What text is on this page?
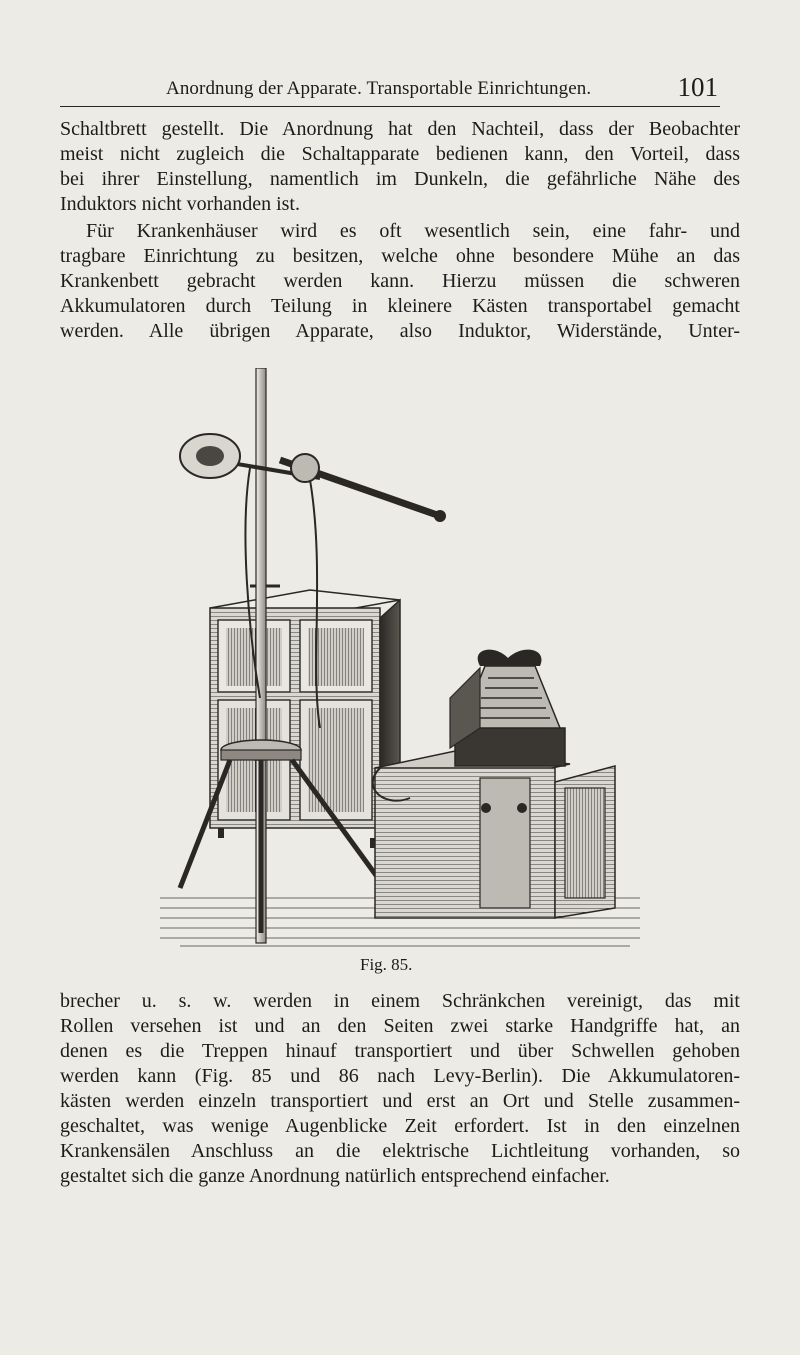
Anordnung der Apparate. Transportable Einrichtungen.	101
Schaltbrett gestellt. Die Anordnung hat den Nachteil, dass der Beobachter
meist nicht zugleich die Schaltapparate bedienen kann, den Vorteil, dass
bei ihrer Einstellung, namentlich im Dunkeln, die gefährliche Nähe des
Induktors nicht vorhanden ist.
Für Krankenhäuser wird es oft wesentlich sein, eine fahr- und
tragbare Einrichtung zu besitzen, welche ohne besondere Mühe an das
Krankenbett gebracht werden kann. Hierzu müssen die schweren
Akkumulatoren durch Teilung in kleinere Kästen transportabel gemacht
werden. Alle übrigen Apparate, also Induktor, Widerstände, Unter-
Fig. 85.
brecher u. s. w. werden in einem Schränkchen vereinigt, das mit
Rollen versehen ist und an den Seiten zwei starke Handgriffe hat, an
denen es die Treppen hinauf transportiert und über Schwellen gehoben
werden kann (Fig. 85 und 86 nach Levy-Berlin). Die Akkumulatoren-
kästen werden einzeln transportiert und erst an Ort und Stelle zusammen-
geschaltet, was wenige Augenblicke Zeit erfordert. Ist in den einzelnen
Krankensälen Anschluss an die elektrische Lichtleitung vorhanden, so
gestaltet sich die ganze Anordnung natürlich entsprechend einfacher.
